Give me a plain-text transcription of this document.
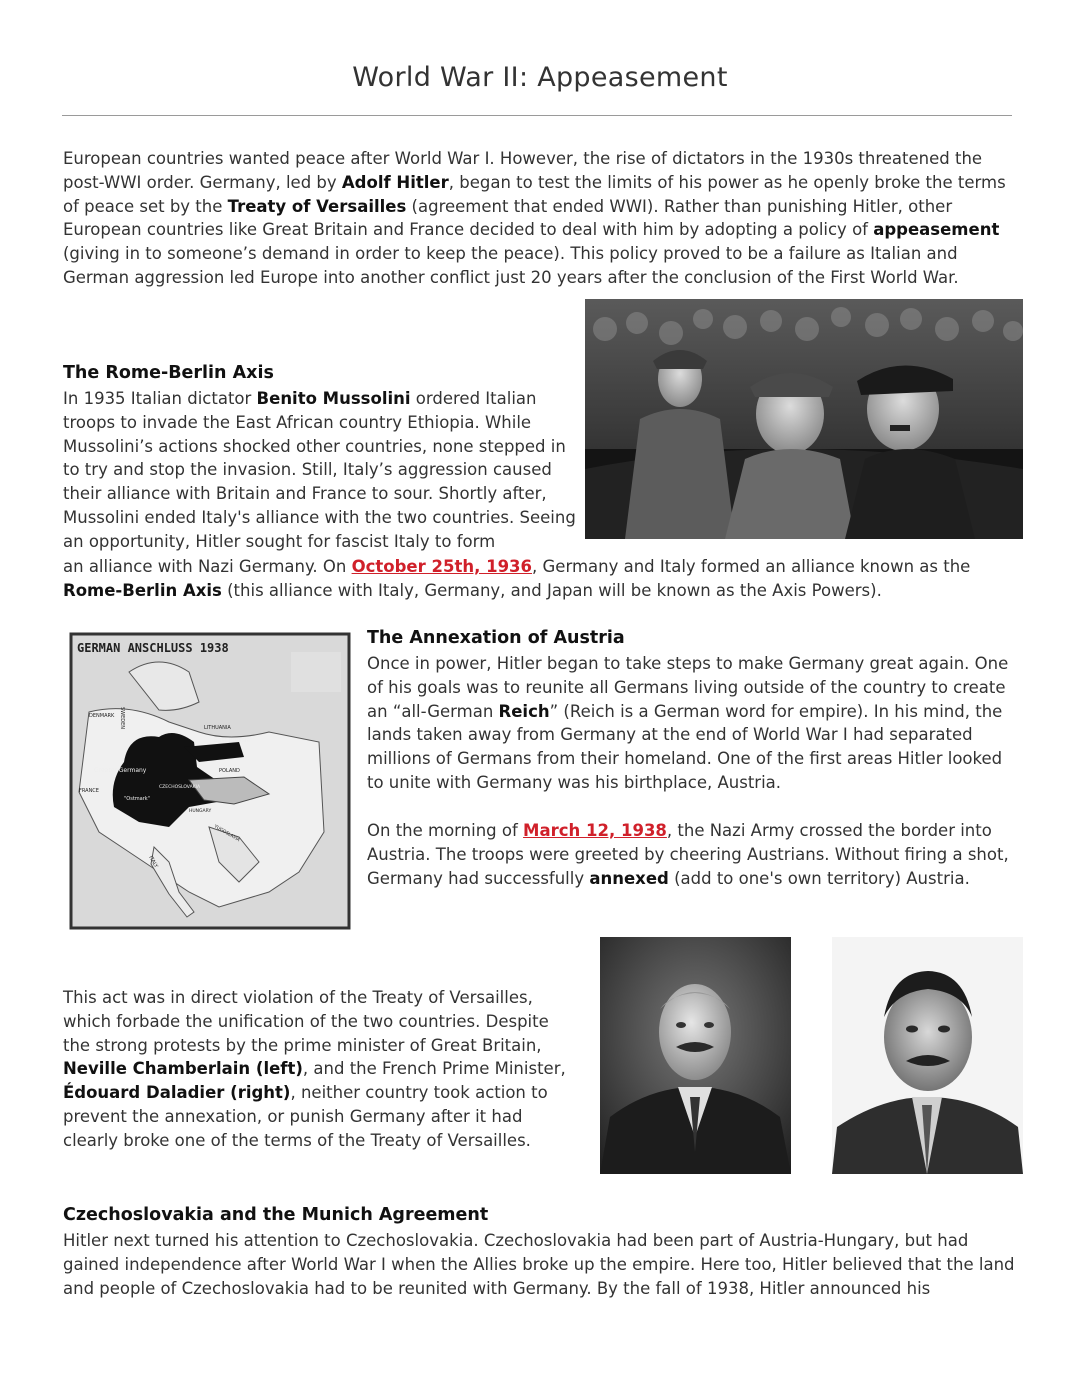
World War II: Appeasement

European countries wanted peace after World War I. However, the rise of dictators in the 1930s threatened the post-WWI order. Germany, led by Adolf Hitler, began to test the limits of his power as he openly broke the terms of peace set by the Treaty of Versailles (agreement that ended WWI). Rather than punishing Hitler, other European countries like Great Britain and France decided to deal with him by adopting a policy of appeasement (giving in to someone’s demand in order to keep the peace). This policy proved to be a failure as Italian and German aggression led Europe into another conflict just 20 years after the conclusion of the First World War.

The Rome-Berlin Axis

In 1935 Italian dictator Benito Mussolini ordered Italian troops to invade the East African country Ethiopia. While Mussolini’s actions shocked other countries, none stepped in to try and stop the invasion. Still, Italy’s aggression caused their alliance with Britain and France to sour. Shortly after, Mussolini ended Italy's alliance with the two countries. Seeing an opportunity, Hitler sought for fascist Italy to form

an alliance with Nazi Germany. On October 25th, 1936, Germany and Italy formed an alliance known as the Rome-Berlin Axis (this alliance with Italy, Germany, and Japan will be known as the Axis Powers).

GERMAN ANSCHLUSS 1938
SWEDEN
DENMARK
LITHUANIA
East Prussia
Greater Germany	POLAND
FRANCE
CZECHOSLOVAKIA
"Ostmark"
HUNGARY
YUGOSLAVIA
ITALY
The Annexation of Austria

Once in power, Hitler began to take steps to make Germany great again. One of his goals was to reunite all Germans living outside of the country to create an “all-German Reich” (Reich is a German word for empire). In his mind, the lands taken away from Germany at the end of World War I had separated millions of Germans from their homeland. One of the first areas Hitler looked to unite with Germany was his birthplace, Austria.

On the morning of March 12, 1938, the Nazi Army crossed the border into Austria. The troops were greeted by cheering Austrians. Without firing a shot, Germany had successfully annexed (add to one's own territory) Austria.

This act was in direct violation of the Treaty of Versailles, which forbade the unification of the two countries. Despite the strong protests by the prime minister of Great Britain, Neville Chamberlain (left), and the French Prime Minister, Édouard Daladier (right), neither country took action to prevent the annexation, or punish Germany after it had clearly broke one of the terms of the Treaty of Versailles.

Czechoslovakia and the Munich Agreement

Hitler next turned his attention to Czechoslovakia. Czechoslovakia had been part of Austria-Hungary, but had gained independence after World War I when the Allies broke up the empire. Here too, Hitler believed that the land and people of Czechoslovakia had to be reunited with Germany. By the fall of 1938, Hitler announced his
